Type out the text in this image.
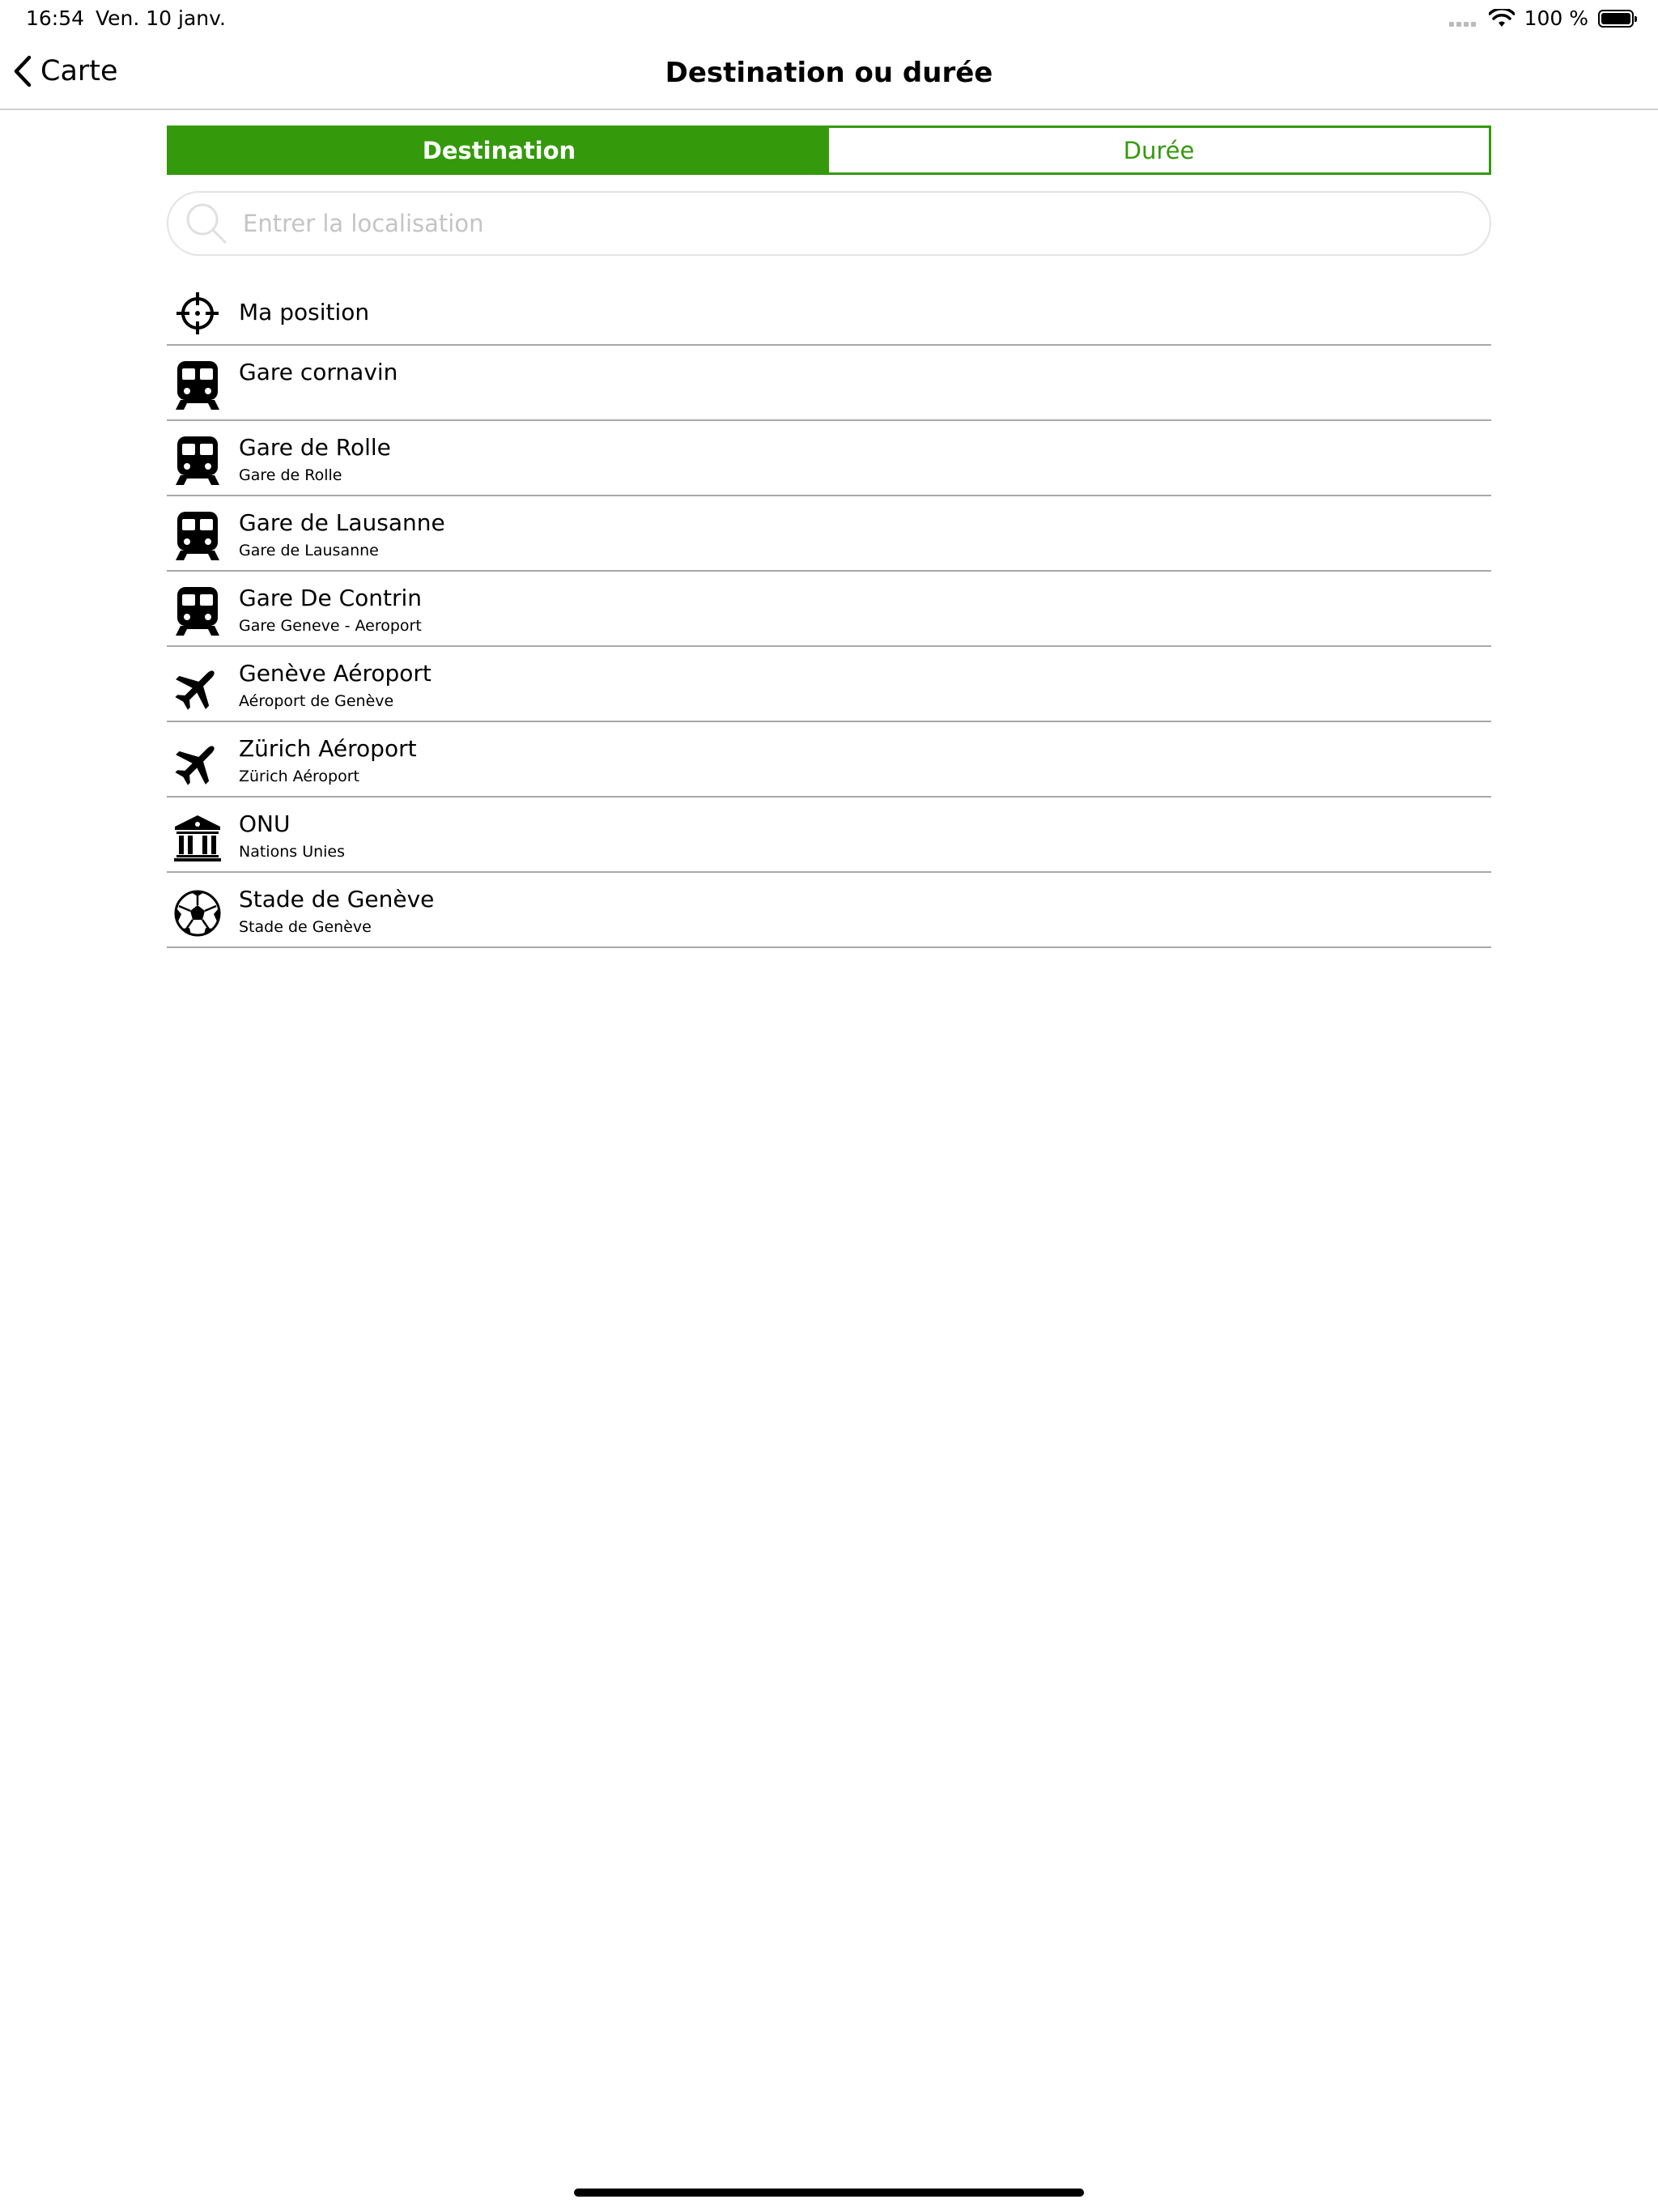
16:54 Ven. 10 janv.	100 %
Carte	Destination ou durée
Destination	Durée
Entrer la localisation
Ma position
Gare cornavin
Gare de Rolle
Gare de Rolle
Gare de Lausanne
Gare de Lausanne
Gare De Contrin
Gare Geneve - Aeroport
Genève Aéroport
Aéroport de Genève
Zürich Aéroport
Zürich Aéroport
ONU
Nations Unies
Stade de Genève
Stade de Genève
